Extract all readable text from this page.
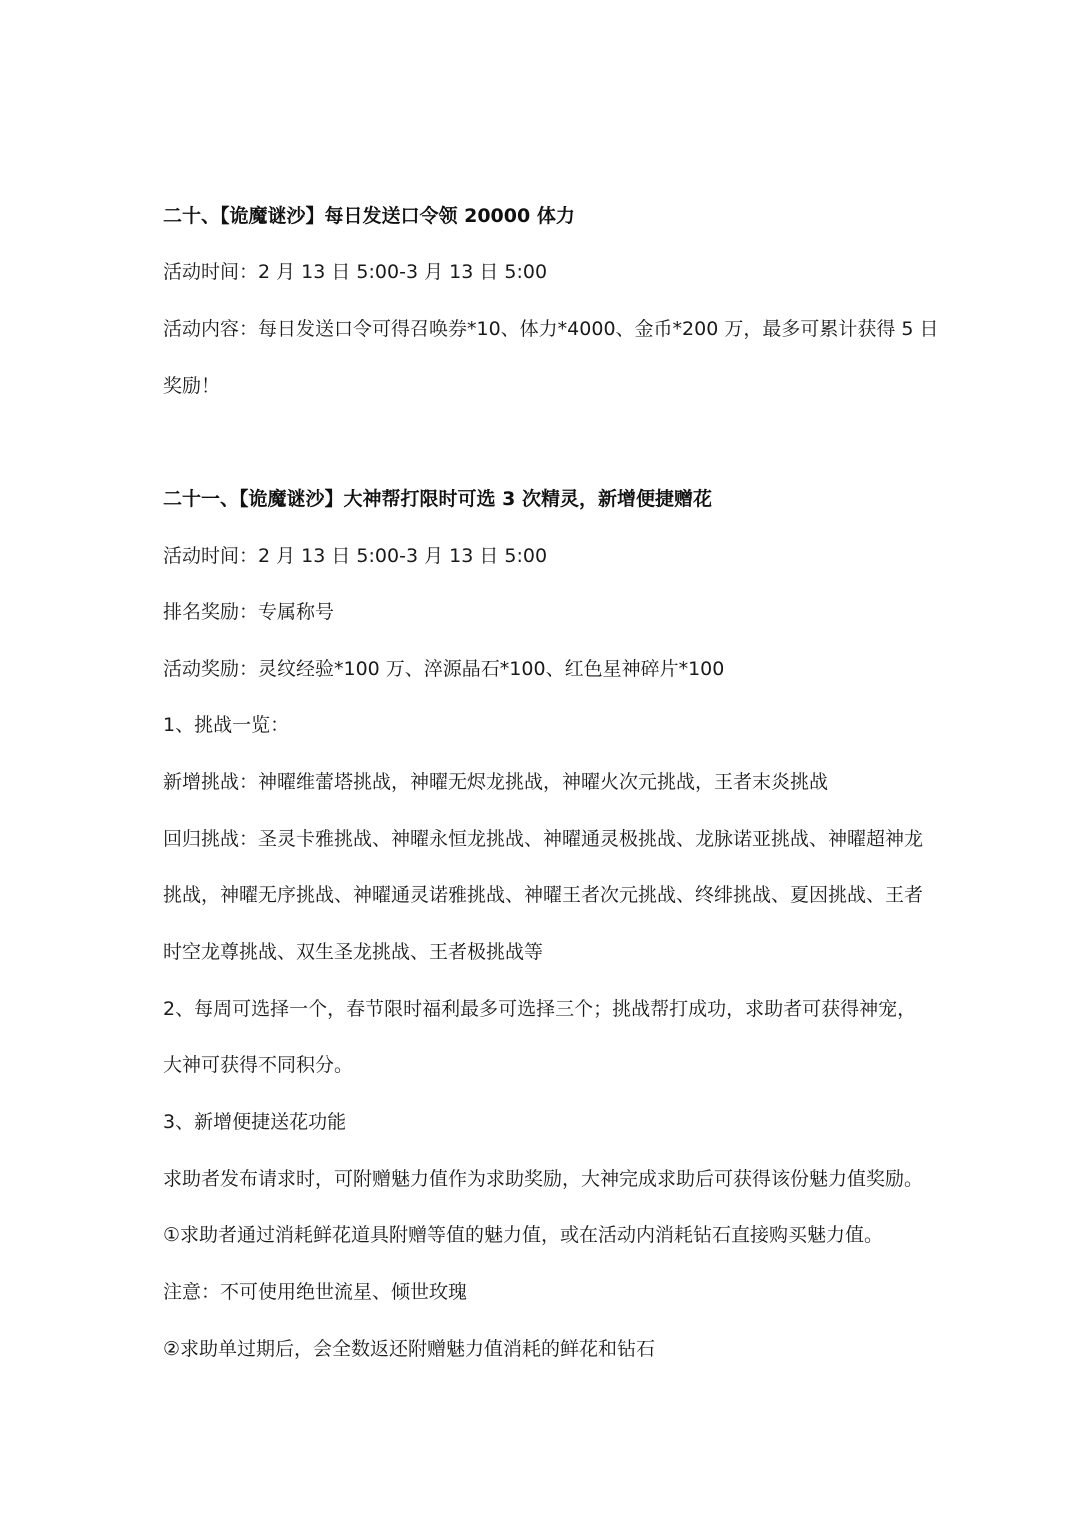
二十、【诡魔谜沙】每日发送口令领 20000 体力
活动时间：2 月 13 日 5:00-3 月 13 日 5:00
活动内容：每日发送口令可得召唤券*10、体力*4000、金币*200 万，最多可累计获得 5 日
奖励！
二十一、【诡魔谜沙】大神帮打限时可选 3 次精灵，新增便捷赠花
活动时间：2 月 13 日 5:00-3 月 13 日 5:00
排名奖励：专属称号
活动奖励：灵纹经验*100 万、淬源晶石*100、红色星神碎片*100
1、挑战一览：
新增挑战：神曜维蕾塔挑战，神曜无烬龙挑战，神曜火次元挑战，王者末炎挑战
回归挑战：圣灵卡雅挑战、神曜永恒龙挑战、神曜通灵极挑战、龙脉诺亚挑战、神曜超神龙
挑战，神曜无序挑战、神曜通灵诺雅挑战、神曜王者次元挑战、终绯挑战、夏因挑战、王者
时空龙尊挑战、双生圣龙挑战、王者极挑战等
2、每周可选择一个，春节限时福利最多可选择三个；挑战帮打成功，求助者可获得神宠，
大神可获得不同积分。
3、新增便捷送花功能
求助者发布请求时，可附赠魅力值作为求助奖励，大神完成求助后可获得该份魅力值奖励。
①求助者通过消耗鲜花道具附赠等值的魅力值，或在活动内消耗钻石直接购买魅力值。
注意：不可使用绝世流星、倾世玫瑰
②求助单过期后，会全数返还附赠魅力值消耗的鲜花和钻石
